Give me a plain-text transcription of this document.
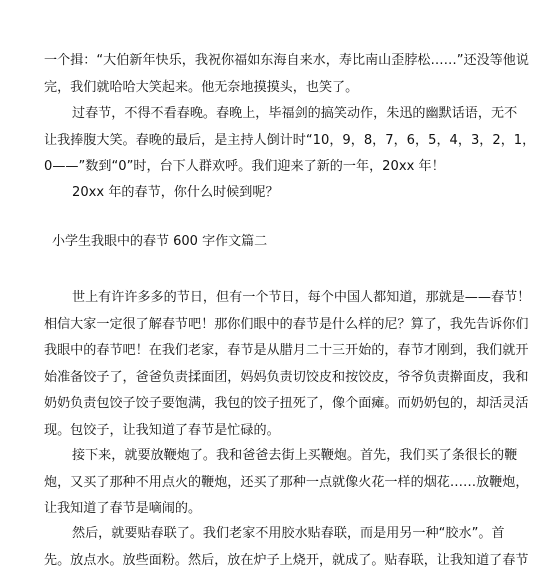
一个揖：“大伯新年快乐，我祝你福如东海自来水，寿比南山歪脖松……”还没等他说
完，我们就哈哈大笑起来。他无奈地摸摸头，也笑了。
过春节，不得不看春晚。春晚上，毕福剑的搞笑动作，朱迅的幽默话语，无不
让我捧腹大笑。春晚的最后，是主持人倒计时“10，9，8，7，6，5，4，3，2，1，
0——”数到“0”时，台下人群欢呼。我们迎来了新的一年，20xx 年！
20xx 年的春节，你什么时候到呢？
小学生我眼中的春节 600 字作文篇二
世上有许许多多的节日，但有一个节日，每个中国人都知道，那就是——春节！
相信大家一定很了解春节吧！那你们眼中的春节是什么样的尼？算了，我先告诉你们
我眼中的春节吧！在我们老家，春节是从腊月二十三开始的，春节才刚到，我们就开
始准备饺子了，爸爸负责揉面团，妈妈负责切饺皮和按饺皮，爷爷负责擀面皮，我和
奶奶负责包饺子饺子要饱满，我包的饺子扭死了，像个面瘫。而奶奶包的，却活灵活
现。包饺子，让我知道了春节是忙碌的。
接下来，就要放鞭炮了。我和爸爸去街上买鞭炮。首先，我们买了条很长的鞭
炮，又买了那种不用点火的鞭炮，还买了那种一点就像火花一样的烟花……放鞭炮，
让我知道了春节是嘀闹的。
然后，就要贴春联了。我们老家不用胶水贴春联，而是用另一种“胶水”。首
先。放点水。放些面粉。然后，放在炉子上烧开，就成了。贴春联，让我知道了春节
